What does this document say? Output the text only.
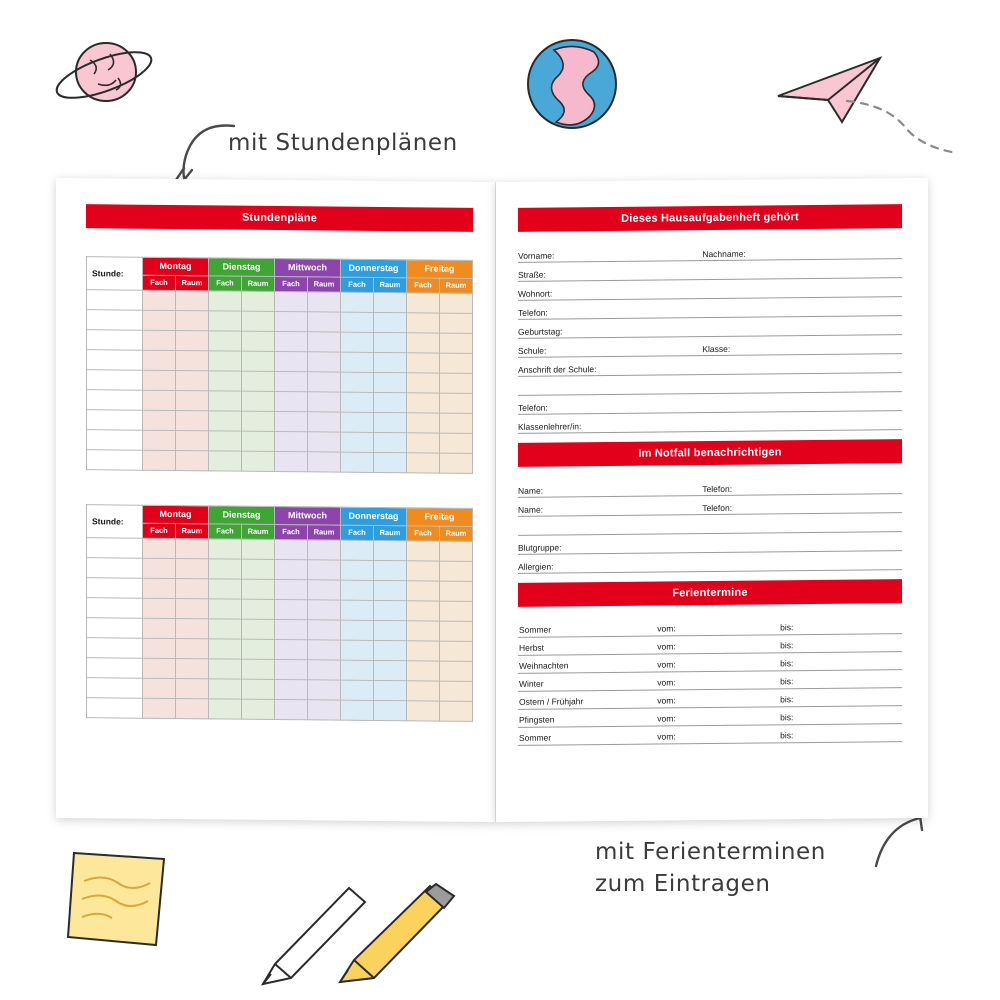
mit Stundenplänen
mit Ferienterminen
zum Eintragen
Stundenpläne
Stunde:	Montag		Dienstag		Mittwoch		Donnerstag		Freitag	
	Fach	Raum	Fach	Raum	Fach	Raum	Fach	Raum	Fach	Raum

Stunde:	Montag		Dienstag		Mittwoch		Donnerstag		Freitag	
	Fach	Raum	Fach	Raum	Fach	Raum	Fach	Raum	Fach	Raum

Dieses Hausaufgabenheft gehört
Vorname:	Nachname:
Straße:
Wohnort:
Telefon:
Geburtstag:
Schule:	Klasse:
Anschrift der Schule:
Telefon:
Klassenlehrer/in:
Im Notfall benachrichtigen
Name:	Telefon:
Name:	Telefon:
Blutgruppe:
Allergien:
Ferientermine
Sommer	vom:	bis:
Herbst	vom:	bis:
Weihnachten	vom:	bis:
Winter	vom:	bis:
Ostern / Frühjahr	vom:	bis:
Pfingsten	vom:	bis:
Sommer	vom:	bis:
